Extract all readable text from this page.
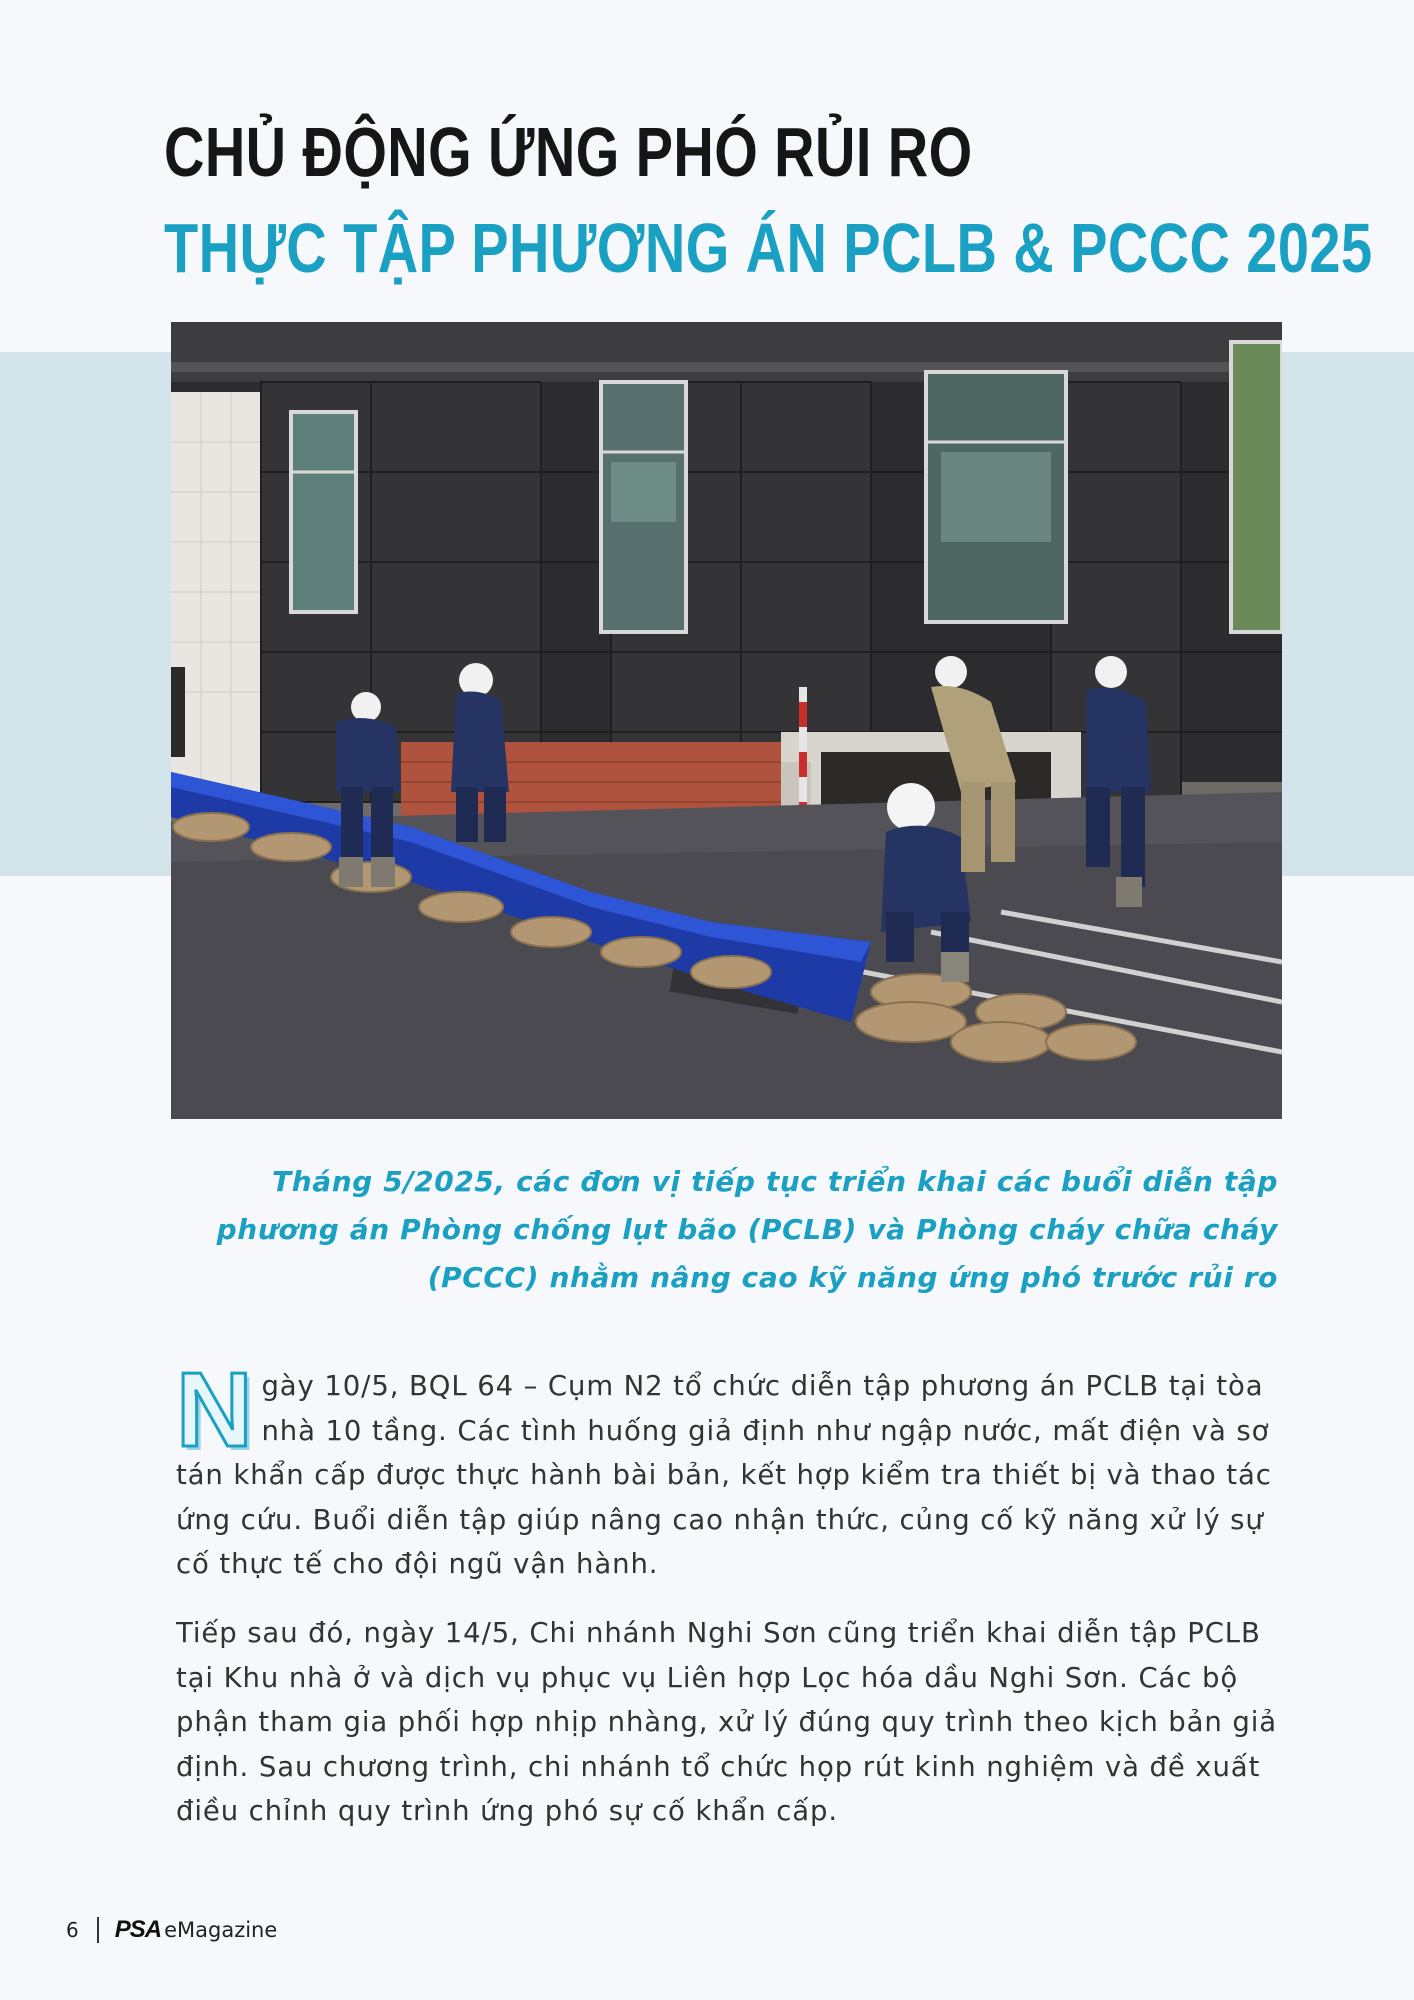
CHỦ ĐỘNG ỨNG PHÓ RỦI RO
THỰC TẬP PHƯƠNG ÁN PCLB & PCCC 2025

Tháng 5/2025, các đơn vị tiếp tục triển khai các buổi diễn tập phương án Phòng chống lụt bão (PCLB) và Phòng cháy chữa cháy (PCCC) nhằm nâng cao kỹ năng ứng phó trước rủi ro

Ngày 10/5, BQL 64 – Cụm N2 tổ chức diễn tập phương án PCLB tại tòa nhà 10 tầng. Các tình huống giả định như ngập nước, mất điện và sơ tán khẩn cấp được thực hành bài bản, kết hợp kiểm tra thiết bị và thao tác ứng cứu. Buổi diễn tập giúp nâng cao nhận thức, củng cố kỹ năng xử lý sự cố thực tế cho đội ngũ vận hành.

Tiếp sau đó, ngày 14/5, Chi nhánh Nghi Sơn cũng triển khai diễn tập PCLB tại Khu nhà ở và dịch vụ phục vụ Liên hợp Lọc hóa dầu Nghi Sơn. Các bộ phận tham gia phối hợp nhịp nhàng, xử lý đúng quy trình theo kịch bản giả định. Sau chương trình, chi nhánh tổ chức họp rút kinh nghiệm và đề xuất điều chỉnh quy trình ứng phó sự cố khẩn cấp.

6 PSA eMagazine
